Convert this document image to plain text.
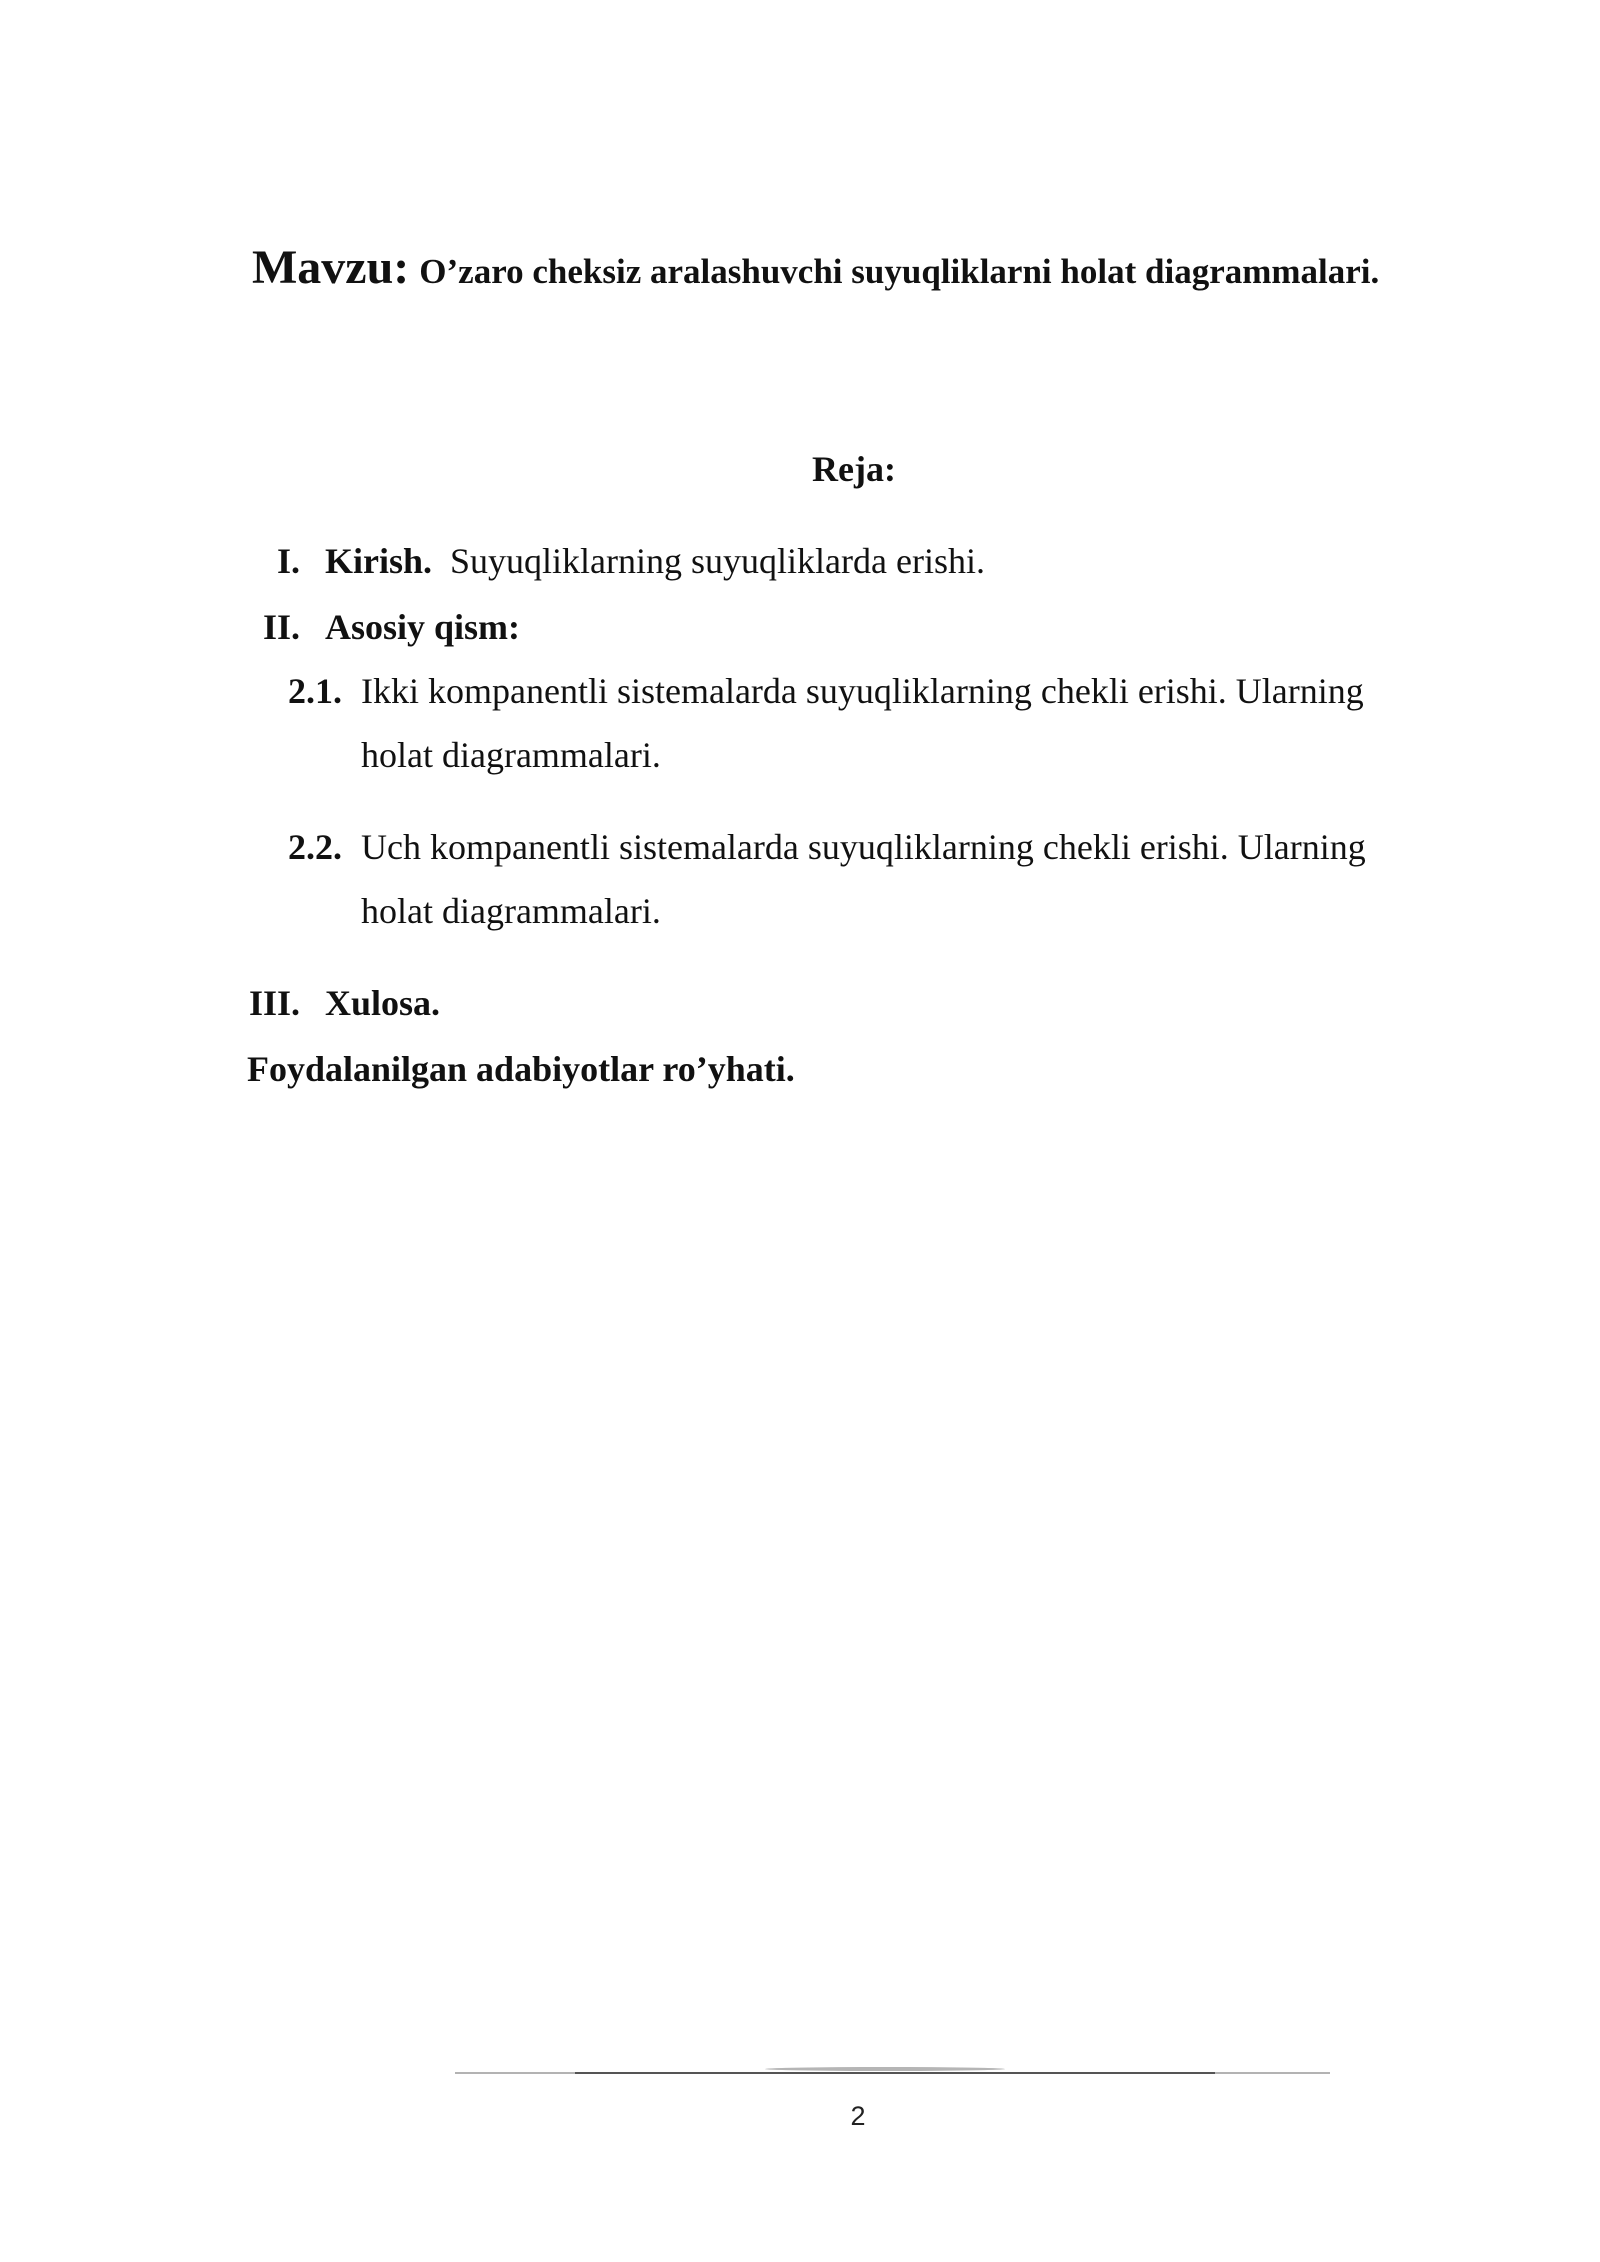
Mavzu: O’zaro cheksiz aralashuvchi suyuqliklarni holat diagrammalari.
Reja:
I. Kirish. Suyuqliklarning suyuqliklarda erishi.
II. Asosiy qism:
2.1. Ikki kompanentli sistemalarda suyuqliklarning chekli erishi. Ularning
holat diagrammalari.
2.2. Uch kompanentli sistemalarda suyuqliklarning chekli erishi. Ularning
holat diagrammalari.
III. Xulosa.
Foydalanilgan adabiyotlar ro’yhati.
2
